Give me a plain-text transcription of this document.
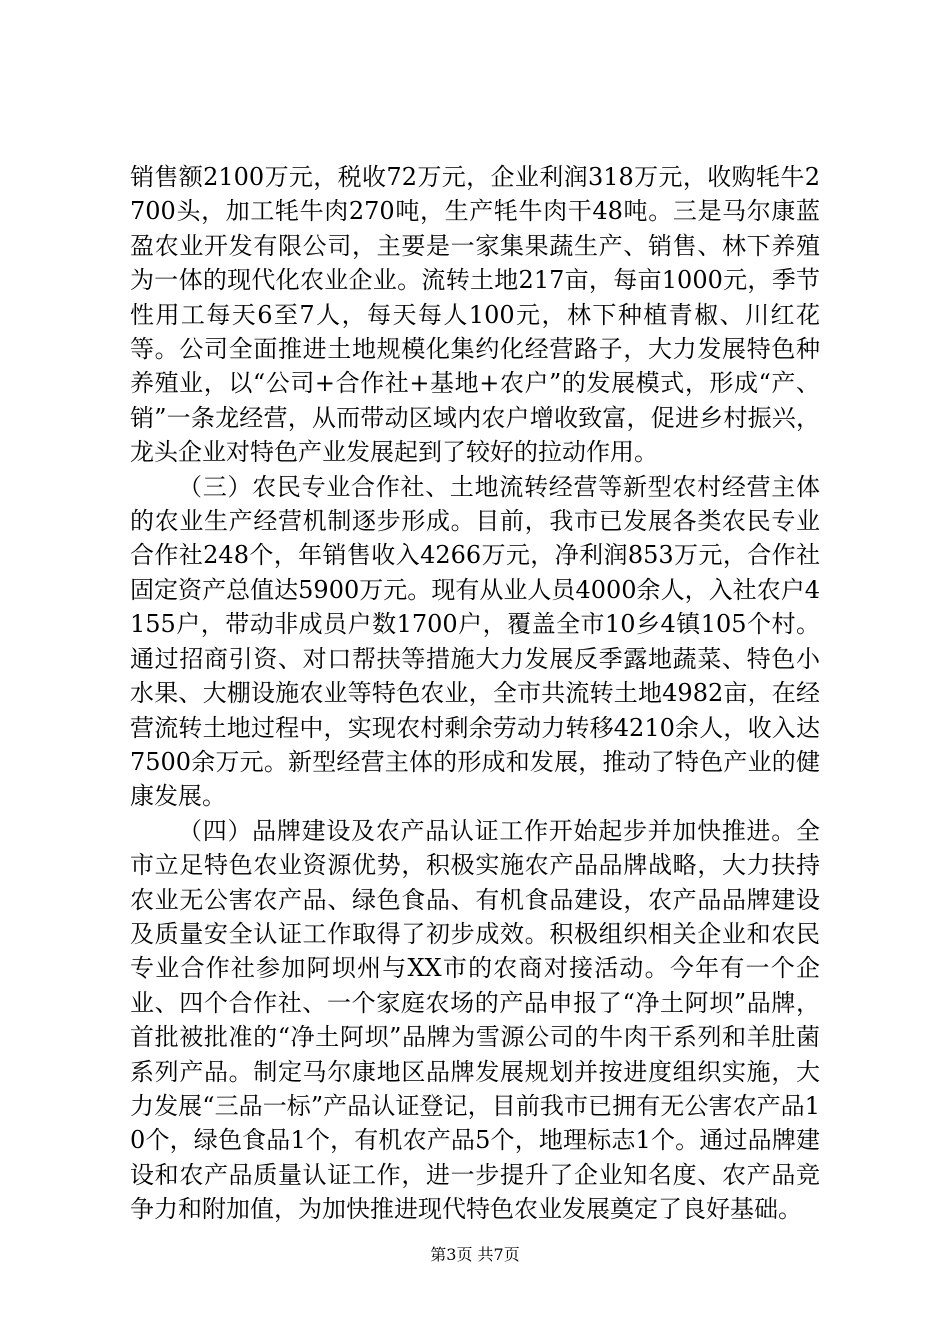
销售额2100万元，税收72万元，企业利润318万元，收购牦牛2700头，加工牦牛肉270吨，生产牦牛肉干48吨。三是马尔康蓝盈农业开发有限公司，主要是一家集果蔬生产、销售、林下养殖为一体的现代化农业企业。流转土地217亩，每亩1000元，季节性用工每天6至7人，每天每人100元，林下种植青椒、川红花等。公司全面推进土地规模化集约化经营路子，大力发展特色种养殖业，以“公司+合作社+基地+农户”的发展模式，形成“产、销”一条龙经营，从而带动区域内农户增收致富，促进乡村振兴，龙头企业对特色产业发展起到了较好的拉动作用。

（三）农民专业合作社、土地流转经营等新型农村经营主体的农业生产经营机制逐步形成。目前，我市已发展各类农民专业合作社248个，年销售收入4266万元，净利润853万元，合作社固定资产总值达5900万元。现有从业人员4000余人，入社农户4155户，带动非成员户数1700户，覆盖全市10乡4镇105个村。通过招商引资、对口帮扶等措施大力发展反季露地蔬菜、特色小水果、大棚设施农业等特色农业，全市共流转土地4982亩，在经营流转土地过程中，实现农村剩余劳动力转移4210余人，收入达7500余万元。新型经营主体的形成和发展，推动了特色产业的健康发展。

（四）品牌建设及农产品认证工作开始起步并加快推进。全市立足特色农业资源优势，积极实施农产品品牌战略，大力扶持农业无公害农产品、绿色食品、有机食品建设，农产品品牌建设及质量安全认证工作取得了初步成效。积极组织相关企业和农民专业合作社参加阿坝州与XX市的农商对接活动。今年有一个企业、四个合作社、一个家庭农场的产品申报了“净土阿坝”品牌，首批被批准的“净土阿坝”品牌为雪源公司的牛肉干系列和羊肚菌系列产品。制定马尔康地区品牌发展规划并按进度组织实施，大力发展“三品一标”产品认证登记，目前我市已拥有无公害农产品10个，绿色食品1个，有机农产品5个，地理标志1个。通过品牌建设和农产品质量认证工作，进一步提升了企业知名度、农产品竞争力和附加值，为加快推进现代特色农业发展奠定了良好基础。

第3页 共7页
